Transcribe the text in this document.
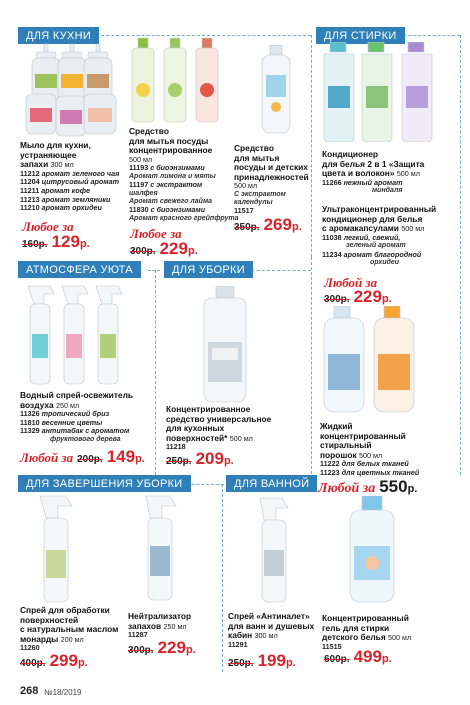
ДЛЯ КУХНИ	ДЛЯ СТИРКИ
АТМОСФЕРА УЮТА	ДЛЯ УБОРКИ
ДЛЯ ЗАВЕРШЕНИЯ УБОРКИ	ДЛЯ ВАННОЙ
Мыло для кухни,
устраняющее
запахи 300 мл
11212 аромат зеленого чая
11204 цитрусовый аромат
11211 аромат кофе
11213 аромат земляники
11210 аромат орхидеи
Любое за
160р. 129р.
Средство
для мытья посуды
концентрированное
500 мл
11193 с биоэнзимами
Аромат лимона и мяты
11197 с экстрактом
шалфея
Аромат свежего лайма
11830 с биоэнзимами
Аромат красного грейпфрута
Любое за
300р. 229р.
Средство
для мытья
посуды и детских
принадлежностей
500 мл
С экстрактом
календулы
11517
350р. 269р.
Кондиционер
для белья 2 в 1 «Защита
цвета и волокон» 500 мл
11266 нежный аромат
миндаля
Ультраконцентрированный
кондиционер для белья
с аромакапсулами 500 мл
11038 легкий, свежий,
зеленый аромат
11234 аромат благородной
орхидеи
Любой за
300р. 229р.
Водный спрей-освежитель
воздуха 250 мл
11326 тропический бриз
11810 весенние цветы
11329 антитабак с ароматом
фруктового дерева
Любой за 200р. 149р.
Концентрированное
средство универсальное
для кухонных
поверхностей* 500 мл
11218
250р. 209р.
Жидкий
концентрированный
стиральный
порошок 500 мл
11222 для белых тканей
11223 для цветных тканей
Любой за 550р.
Спрей для обработки
поверхностей
с натуральным маслом
монарды 200 мл
11260
400р. 299р.
Нейтрализатор
запахов 250 мл
11287
300р. 229р.
Спрей «Антиналет»
для ванн и душевых
кабин 300 мл
11291
250р. 199р.
Концентрированный
гель для стирки
детского белья 500 мл
11515
600р. 499р.
268 №18/2019
